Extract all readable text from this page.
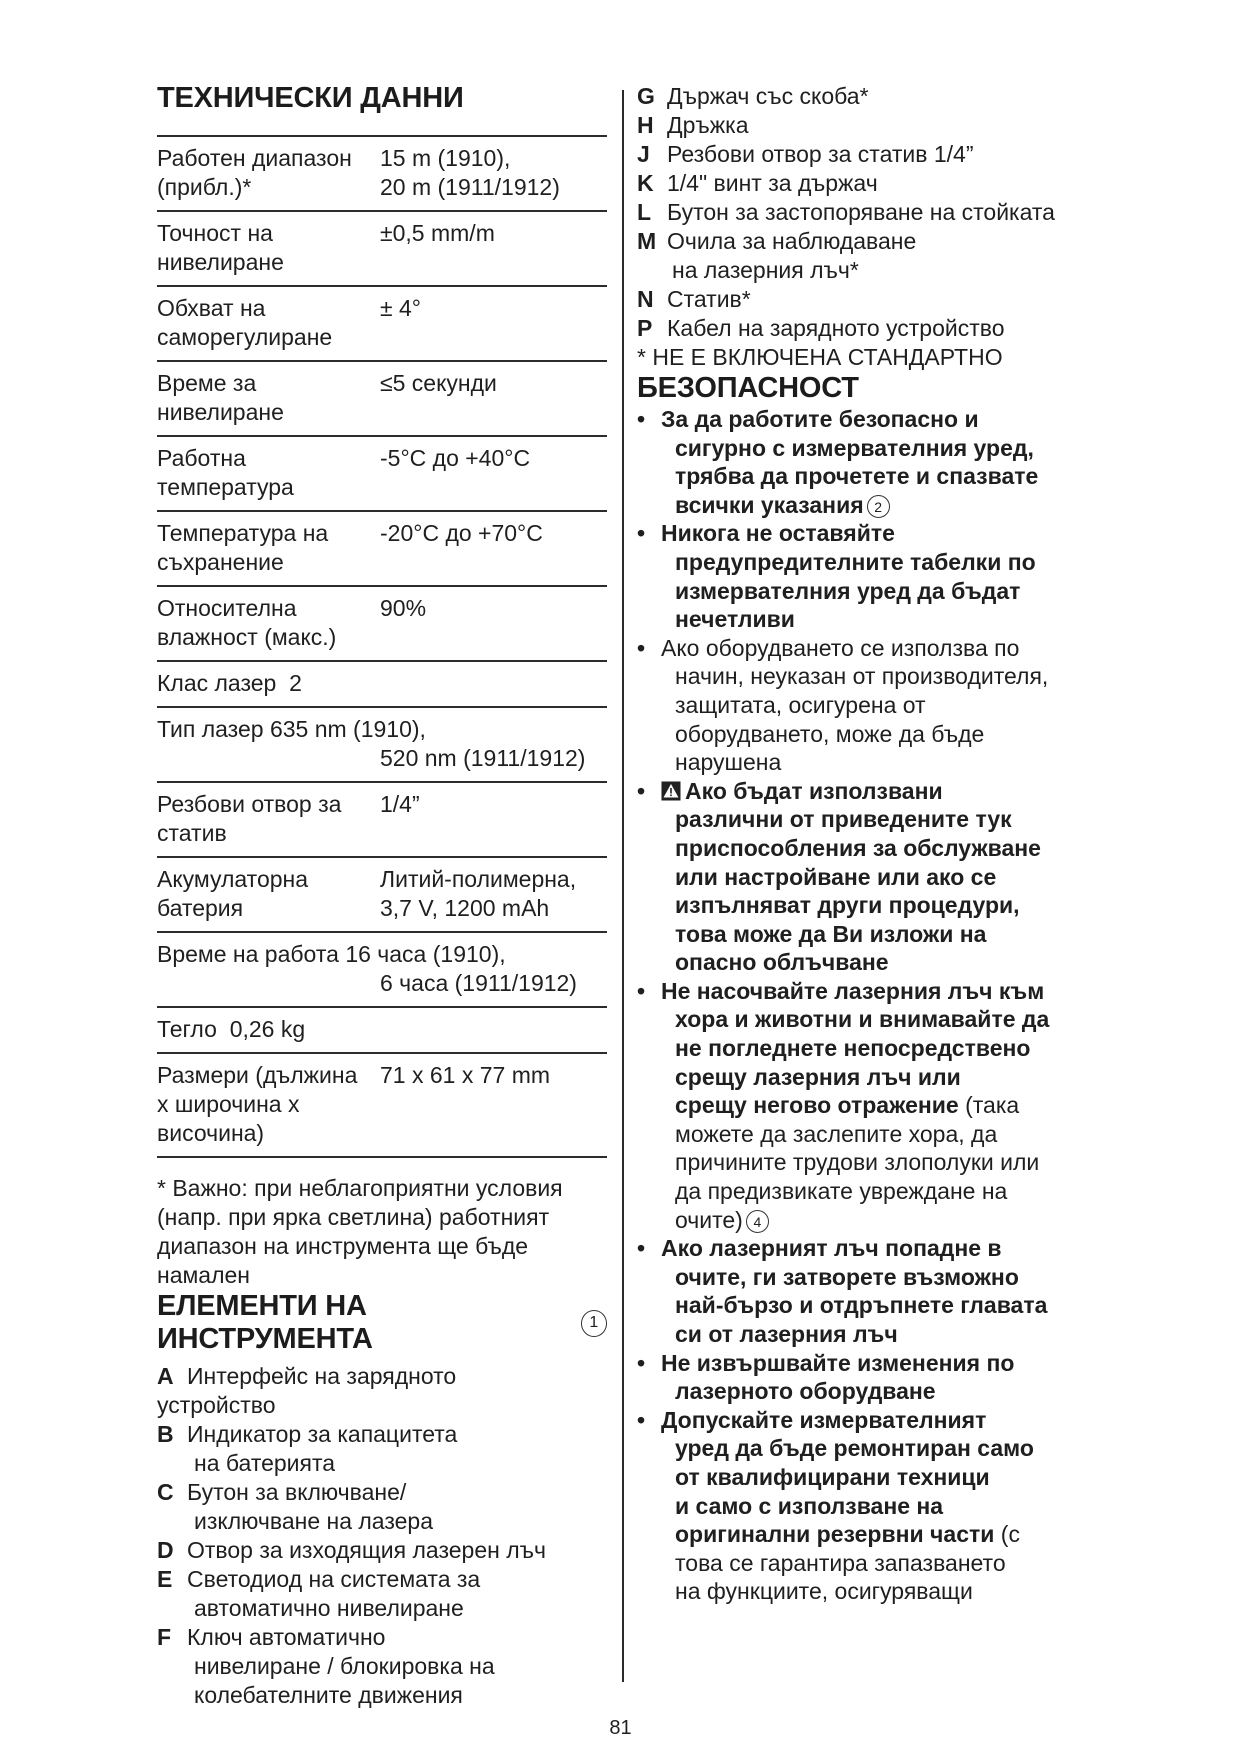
ТЕХНИЧЕСКИ ДАННИ
Работен диапазон
(прибл.)*
15 m (1910),
20 m (1911/1912)
Точност на
нивелиране
±0,5 mm/m
Обхват на
саморегулиране
± 4°
Време за
нивелиране
≤5 секунди
Работна
температура
-5°C до +40°C
Температура на
съхранение
-20°C до +70°C
Относителна
влажност (макс.)
90%
Клас лазер 2
Тип лазер 635 nm (1910),
520 nm (1911/1912)
Резбови отвор за
статив
1/4”
Акумулаторна
батерия
Литий-полимерна,
3,7 V, 1200 mAh
Време на работа 16 часа (1910),
6 часа (1911/1912)
Тегло 0,26 kg
Размери (дължина
x широчина x
височина)
71 x 61 x 77 mm
* Важно: при неблагоприятни условия (напр. при ярка светлина) работният диапазон на инструмента ще бъде намален
ЕЛЕМЕНТИ НА ИНСТРУМЕНТА
1
A Интерфейс на зарядното
устройство
B Индикатор за капацитета
на батерията
C Бутон за включване/
изключване на лазера
D Отвор за изходящия лазерен лъч
E Светодиод на системата за
автоматично нивелиране
F Ключ автоматично
нивелиране / блокировка на
колебателните движения
G Държач със скоба*
H Дръжка
J Резбови отвор за статив 1/4”
K 1/4" винт за държач
L Бутон за застопоряване на стойката
M Очила за наблюдаване
на лазерния лъч*
N Статив*
P Кабел на зарядното устройство
* НЕ Е ВКЛЮЧЕНА СТАНДАРТНО
БЕЗОПАСНОСТ
• За да работите безопасно и
сигурно с измервателния уред,
трябва да прочетете и спазвате
всички указания 2
• Никога не оставяйте
предупредителните табелки по
измервателния уред да бъдат
нечетливи
• Ако оборудването се използва по
начин, неуказан от производителя,
защитата, осигурена от
оборудването, може да бъде
нарушена
•	Ако бъдат използвани
различни от приведените тук
приспособления за обслужване
или настройване или ако се
изпълняват други процедури,
това може да Ви изложи на
опасно облъчване
• Не насочвайте лазерния лъч към
хора и животни и внимавайте да
не погледнете непосредствено
срещу лазерния лъч или
срещу негово отражение (така
можете да заслепите хора, да
причините трудови злополуки или
да предизвикате увреждане на
очите) 4
• Ако лазерният лъч попадне в
очите, ги затворете възможно
най-бързо и отдръпнете главата
си от лазерния лъч
• Не извършвайте изменения по
лазерното оборудване
• Допускайте измервателният
уред да бъде ремонтиран само
от квалифицирани техници
и само с използване на
оригинални резервни части (с
това се гарантира запазването
на функциите, осигуряващи
81
